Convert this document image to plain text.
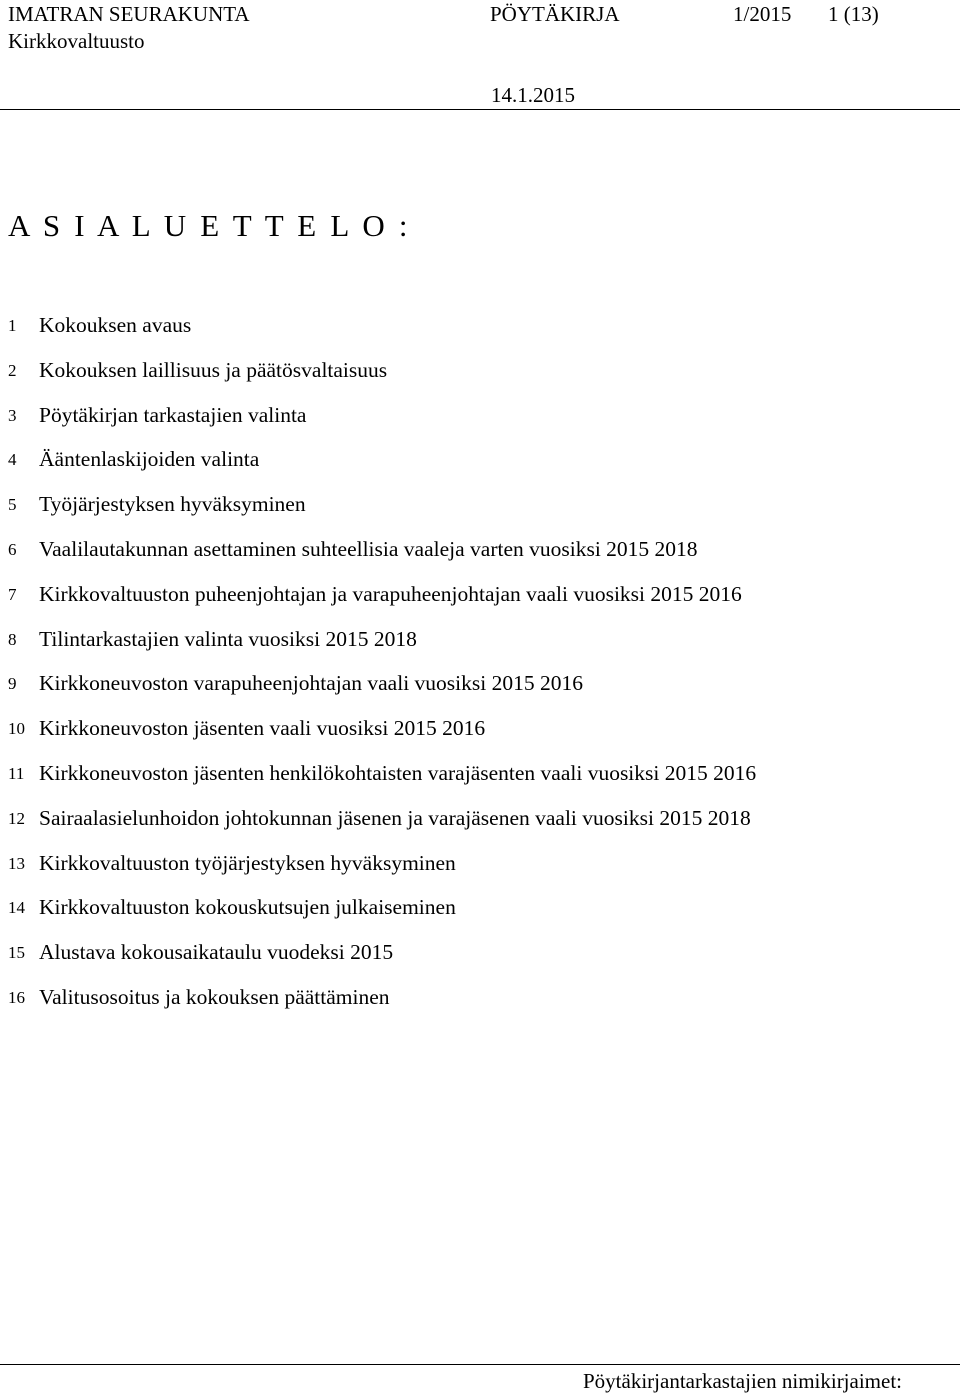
IMATRAN SEURAKUNTA	PÖYTÄKIRJA	1/2015 1 (13)
Kirkkovaltuusto
14.1.2015
A S I A L U E T T E L O :
1 Kokouksen avaus
2 Kokouksen laillisuus ja päätösvaltaisuus
3 Pöytäkirjan tarkastajien valinta
4 Ääntenlaskijoiden valinta
5 Työjärjestyksen hyväksyminen
6 Vaalilautakunnan asettaminen suhteellisia vaaleja varten vuosiksi 2015 2018
7 Kirkkovaltuuston puheenjohtajan ja varapuheenjohtajan vaali vuosiksi 2015 2016
8 Tilintarkastajien valinta vuosiksi 2015 2018
9 Kirkkoneuvoston varapuheenjohtajan vaali vuosiksi 2015 2016
10 Kirkkoneuvoston jäsenten vaali vuosiksi 2015 2016
11 Kirkkoneuvoston jäsenten henkilökohtaisten varajäsenten vaali vuosiksi 2015 2016
12 Sairaalasielunhoidon johtokunnan jäsenen ja varajäsenen vaali vuosiksi 2015 2018
13 Kirkkovaltuuston työjärjestyksen hyväksyminen
14 Kirkkovaltuuston kokouskutsujen julkaiseminen
15 Alustava kokousaikataulu vuodeksi 2015
16 Valitusosoitus ja kokouksen päättäminen
Pöytäkirjantarkastajien nimikirjaimet:
